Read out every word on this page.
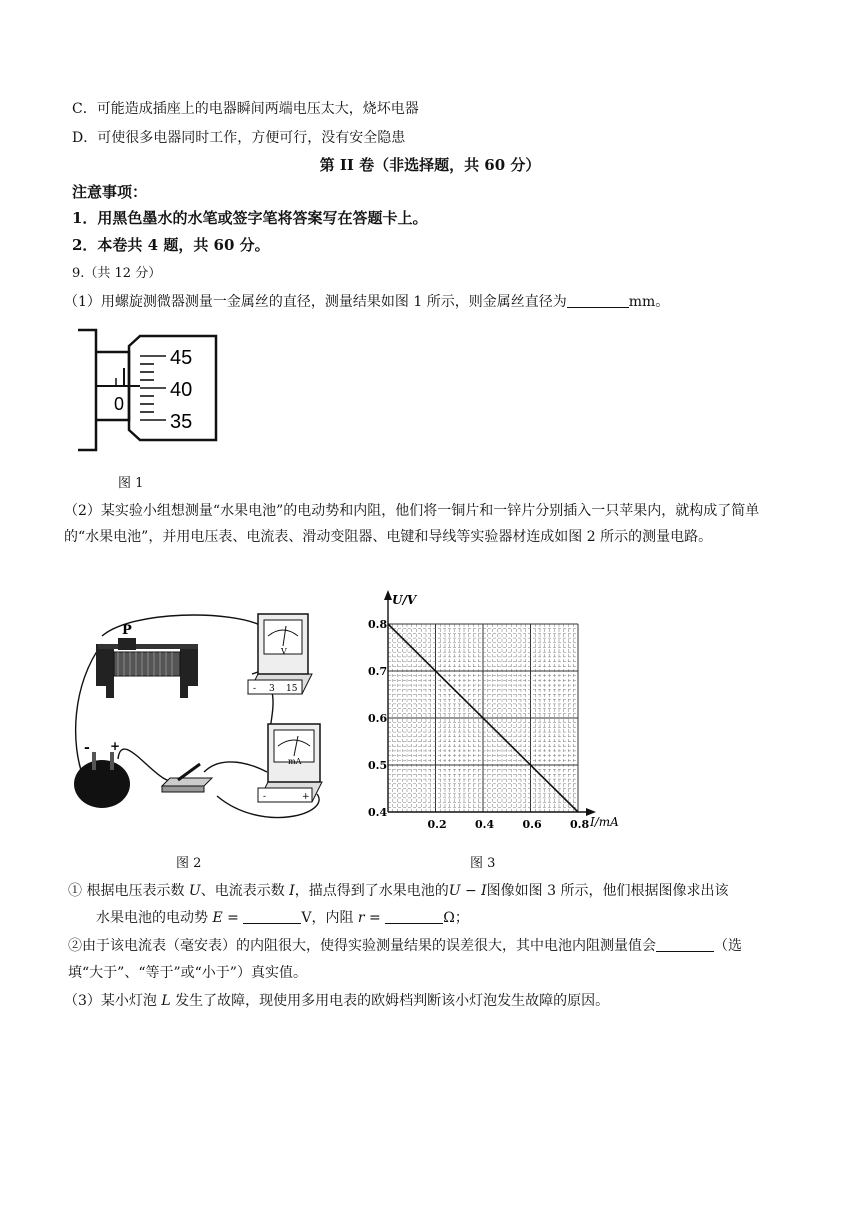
C．可能造成插座上的电器瞬间两端电压太大，烧坏电器
D．可使很多电器同时工作，方便可行，没有安全隐患
第 II 卷（非选择题，共 60 分）
注意事项：
1．用黑色墨水的水笔或签字笔将答案写在答题卡上。
2．本卷共 4 题，共 60 分。
9.（共 12 分）
（1）用螺旋测微器测量一金属丝的直径，测量结果如图 1 所示，则金属丝直径为	mm。
45
40
35
0
图 1
（2）某实验小组想测量“水果电池”的电动势和内阻，他们将一铜片和一锌片分别插入一只苹果内，就构成了简单的“水果电池”，并用电压表、电流表、滑动变阻器、电键和导线等实验器材连成如图 2 所示的测量电路。
P
V
- 3 15
mA
-	+
- +
0.4
0.5
0.6
0.7
0.8
0.2	0.4	0.6	0.8
U/V
I/mA
图 2	图 3
① 根据电压表示数 U、电流表示数 I，描点得到了水果电池的U − I图像如图 3 所示，他们根据图像求出该
水果电池的电动势 E =	V，内阻 r =	Ω；
②由于该电流表（毫安表）的内阻很大，使得实验测量结果的误差很大，其中电池内阻测量值会	（选
填“大于”、“等于”或“小于”）真实值。
（3）某小灯泡 L 发生了故障，现使用多用电表的欧姆档判断该小灯泡发生故障的原因。
